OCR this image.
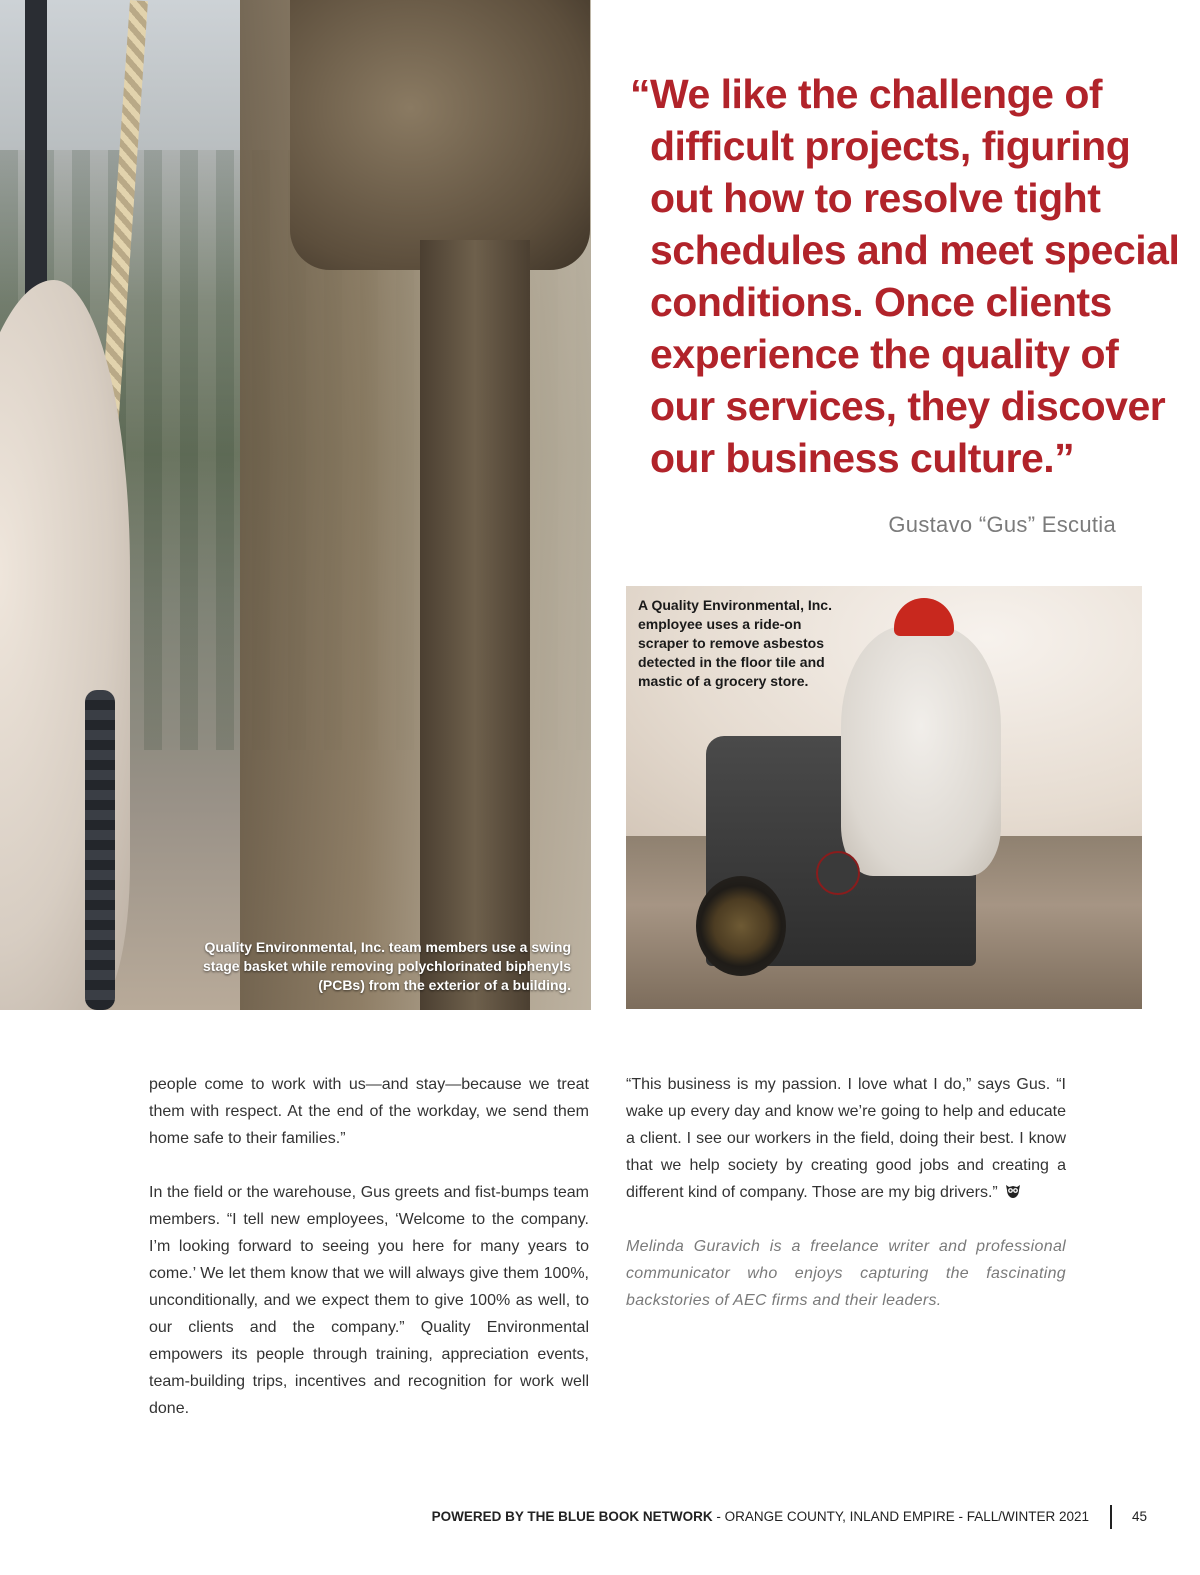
Quality Environmental, Inc. team members use a swing stage basket while removing polychlorinated biphenyls (PCBs) from the exterior of a building.
“We like the challenge of difficult projects, figuring out how to resolve tight schedules and meet special conditions. Once clients experience the quality of our services, they discover our business culture.”
Gustavo “Gus” Escutia
A Quality Environmental, Inc. employee uses a ride-on scraper to remove asbestos detected in the floor tile and mastic of a grocery store.

people come to work with us—and stay—because we treat them with respect. At the end of the workday, we send them home safe to their families.”

In the field or the warehouse, Gus greets and fist-bumps team members. “I tell new employees, ‘Welcome to the company. I’m looking forward to seeing you here for many years to come.’ We let them know that we will always give them 100%, unconditionally, and we expect them to give 100% as well, to our clients and the company.” Quality Environmental empowers its people through training, appreciation events, team-building trips, incentives and recognition for work well done.

“This business is my passion. I love what I do,” says Gus. “I wake up every day and know we’re going to help and educate a client. I see our workers in the field, doing their best. I know that we help society by creating good jobs and creating a different kind of company. Those are my big drivers.”

Melinda Guravich is a freelance writer and professional communicator who enjoys capturing the fascinating backstories of AEC firms and their leaders.

POWERED BY THE BLUE BOOK NETWORK - ORANGE COUNTY, INLAND EMPIRE - FALL/WINTER 2021	45
